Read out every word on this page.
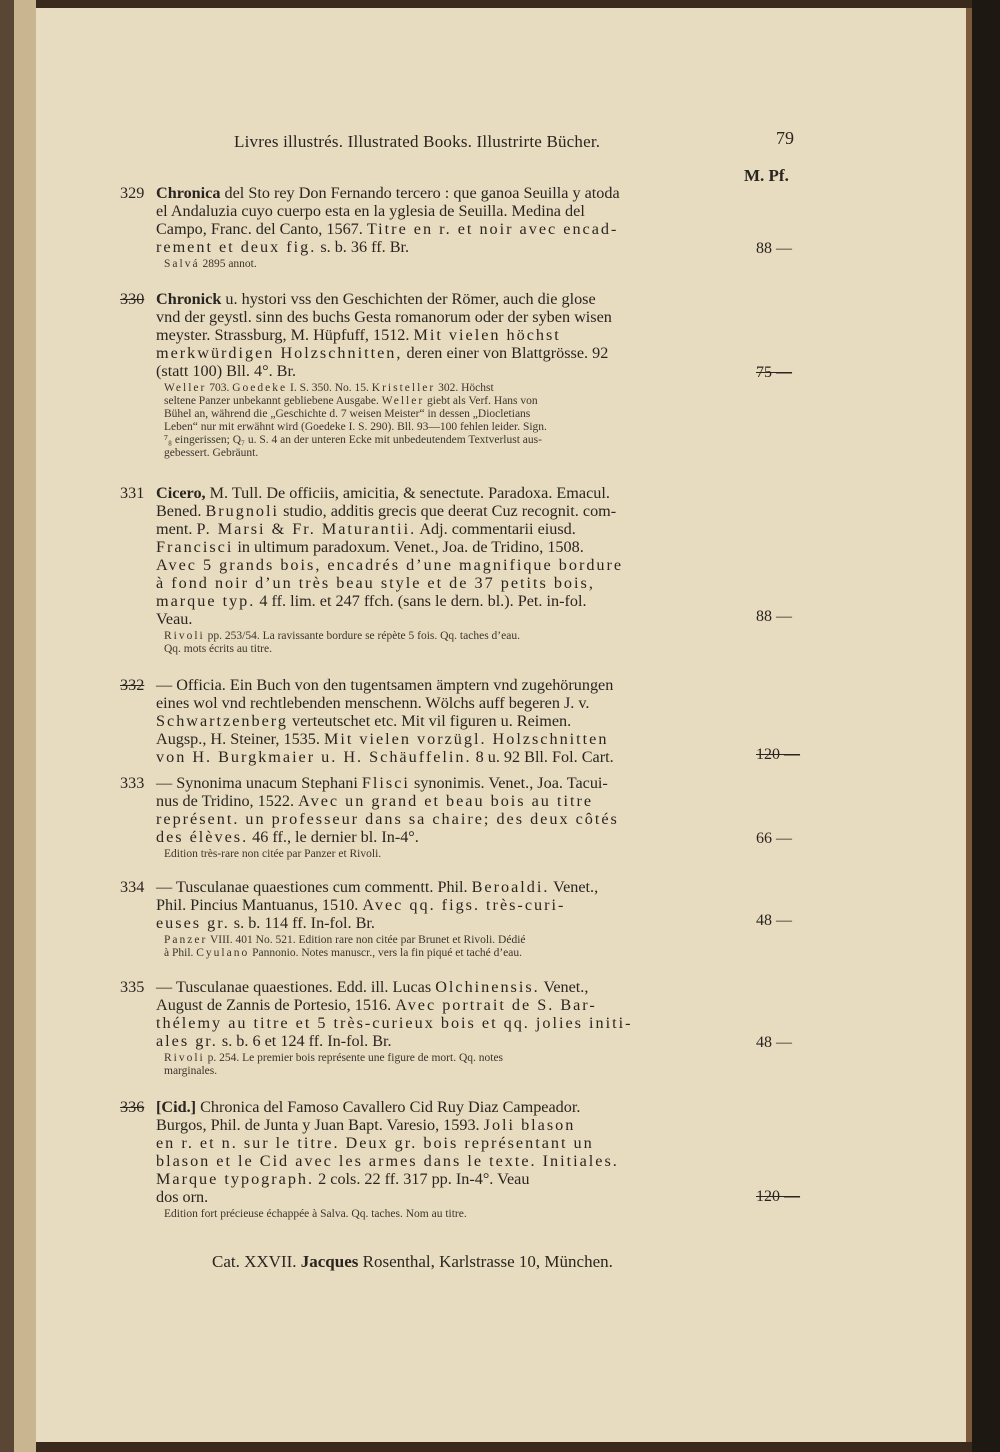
Livres illustrés. Illustrated Books. Illustrirte Bücher.	79
M. Pf.
329 Chronica del Sto rey Don Fernando tercero : que ganoa Seuilla y atoda
el Andaluzia cuyo cuerpo esta en la yglesia de Seuilla. Medina del
Campo, Franc. del Canto, 1567. Titre en r. et noir avec encad-
rement et deux fig. s. b. 36 ff. Br.
Salvá 2895 annot.
88 —
330 Chronick u. hystori vss den Geschichten der Römer, auch die glose
vnd der geystl. sinn des buchs Gesta romanorum oder der syben wisen
meyster. Strassburg, M. Hüpfuff, 1512. Mit vielen höchst
merkwürdigen Holzschnitten, deren einer von Blattgrösse. 92
(statt 100) Bll. 4°. Br.
Weller 703. Goedeke I. S. 350. No. 15. Kristeller 302. Höchst
seltene Panzer unbekannt gebliebene Ausgabe. Weller giebt als Verf. Hans von
Bühel an, während die „Geschichte d. 7 weisen Meister“ in dessen „Diocletians
Leben“ nur mit erwähnt wird (Goedeke I. S. 290). Bll. 93—100 fehlen leider. Sign.
⁷₈ eingerissen; Q₇ u. S. 4 an der unteren Ecke mit unbedeutendem Textverlust aus-
gebessert. Gebräunt.
75 —
331 Cicero, M. Tull. De officiis, amicitia, & senectute. Paradoxa. Emacul.
Bened. Brugnoli studio, additis grecis que deerat Cuz recognit. com-
ment. P. Marsi & Fr. Maturantii. Adj. commentarii eiusd.
Francisci in ultimum paradoxum. Venet., Joa. de Tridino, 1508.
Avec 5 grands bois, encadrés d’une magnifique bordure
à fond noir d’un très beau style et de 37 petits bois,
marque typ. 4 ff. lim. et 247 ffch. (sans le dern. bl.). Pet. in-fol.
Veau.
Rivoli pp. 253/54. La ravissante bordure se répète 5 fois. Qq. taches d’eau.
Qq. mots écrits au titre.
88 —
332 — Officia. Ein Buch von den tugentsamen ämptern vnd zugehörungen
eines wol vnd rechtlebenden menschenn. Wölchs auff begeren J. v.
Schwartzenberg verteutschet etc. Mit vil figuren u. Reimen.
Augsp., H. Steiner, 1535. Mit vielen vorzügl. Holzschnitten
von H. Burgkmaier u. H. Schäuffelin. 8 u. 92 Bll. Fol. Cart.	120 —
333 — Synonima unacum Stephani Flisci synonimis. Venet., Joa. Tacui-
nus de Tridino, 1522. Avec un grand et beau bois au titre
représent. un professeur dans sa chaire; des deux côtés
des élèves. 46 ff., le dernier bl. In-4°.
Edition très-rare non citée par Panzer et Rivoli.
66 —
334 — Tusculanae quaestiones cum commentt. Phil. Beroaldi. Venet.,
Phil. Pincius Mantuanus, 1510. Avec qq. figs. très-curi-
euses gr. s. b. 114 ff. In-fol. Br.
Panzer VIII. 401 No. 521. Edition rare non citée par Brunet et Rivoli. Dédié
à Phil. Cyulano Pannonio. Notes manuscr., vers la fin piqué et taché d’eau.
48 —
335 — Tusculanae quaestiones. Edd. ill. Lucas Olchinensis. Venet.,
August de Zannis de Portesio, 1516. Avec portrait de S. Bar-
thélemy au titre et 5 très-curieux bois et qq. jolies initi-
ales gr. s. b. 6 et 124 ff. In-fol. Br.
Rivoli p. 254. Le premier bois représente une figure de mort. Qq. notes
marginales.
48 —
336 [Cid.] Chronica del Famoso Cavallero Cid Ruy Diaz Campeador.
Burgos, Phil. de Junta y Juan Bapt. Varesio, 1593. Joli blason
en r. et n. sur le titre. Deux gr. bois représentant un
blason et le Cid avec les armes dans le texte. Initiales.
Marque typograph. 2 cols. 22 ff. 317 pp. In-4°. Veau
dos orn.
Edition fort précieuse échappée à Salva. Qq. taches. Nom au titre.
120 —
Cat. XXVII. Jacques Rosenthal, Karlstrasse 10, München.
